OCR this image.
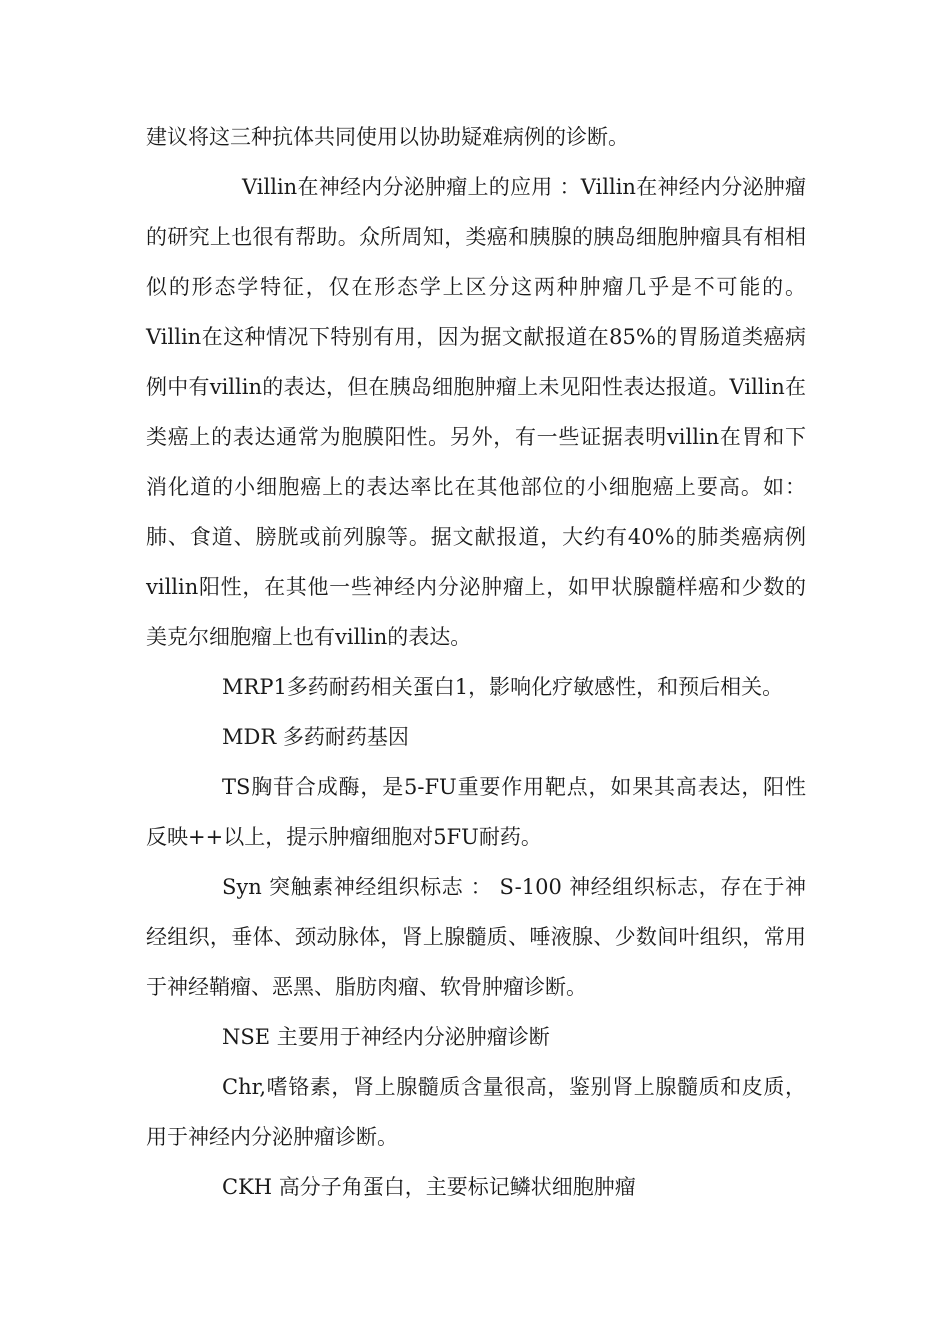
建议将这三种抗体共同使用以协助疑难病例的诊断。

Villin在神经内分泌肿瘤上的应用 ：Villin在神经内分泌肿瘤的研究上也很有帮助。众所周知，类癌和胰腺的胰岛细胞肿瘤具有相相似的形态学特征，仅在形态学上区分这两种肿瘤几乎是不可能的。Villin在这种情况下特别有用，因为据文献报道在85%的胃肠道类癌病例中有villin的表达，但在胰岛细胞肿瘤上未见阳性表达报道。Villin在类癌上的表达通常为胞膜阳性。另外，有一些证据表明villin在胃和下消化道的小细胞癌上的表达率比在其他部位的小细胞癌上要高。如：肺、食道、膀胱或前列腺等。据文献报道，大约有40%的肺类癌病例villin阳性，在其他一些神经内分泌肿瘤上，如甲状腺髓样癌和少数的美克尔细胞瘤上也有villin的表达。

MRP1多药耐药相关蛋白1，影响化疗敏感性，和预后相关。

MDR 多药耐药基因

TS胸苷合成酶，是5-FU重要作用靶点，如果其高表达，阳性反映++以上，提示肿瘤细胞对5FU耐药。

Syn 突触素神经组织标志 ： S-100 神经组织标志，存在于神经组织，垂体、颈动脉体，肾上腺髓质、唾液腺、少数间叶组织，常用于神经鞘瘤、恶黑、脂肪肉瘤、软骨肿瘤诊断。

NSE 主要用于神经内分泌肿瘤诊断

Chr,嗜铬素，肾上腺髓质含量很高，鉴别肾上腺髓质和皮质，用于神经内分泌肿瘤诊断。

CKH 高分子角蛋白，主要标记鳞状细胞肿瘤
